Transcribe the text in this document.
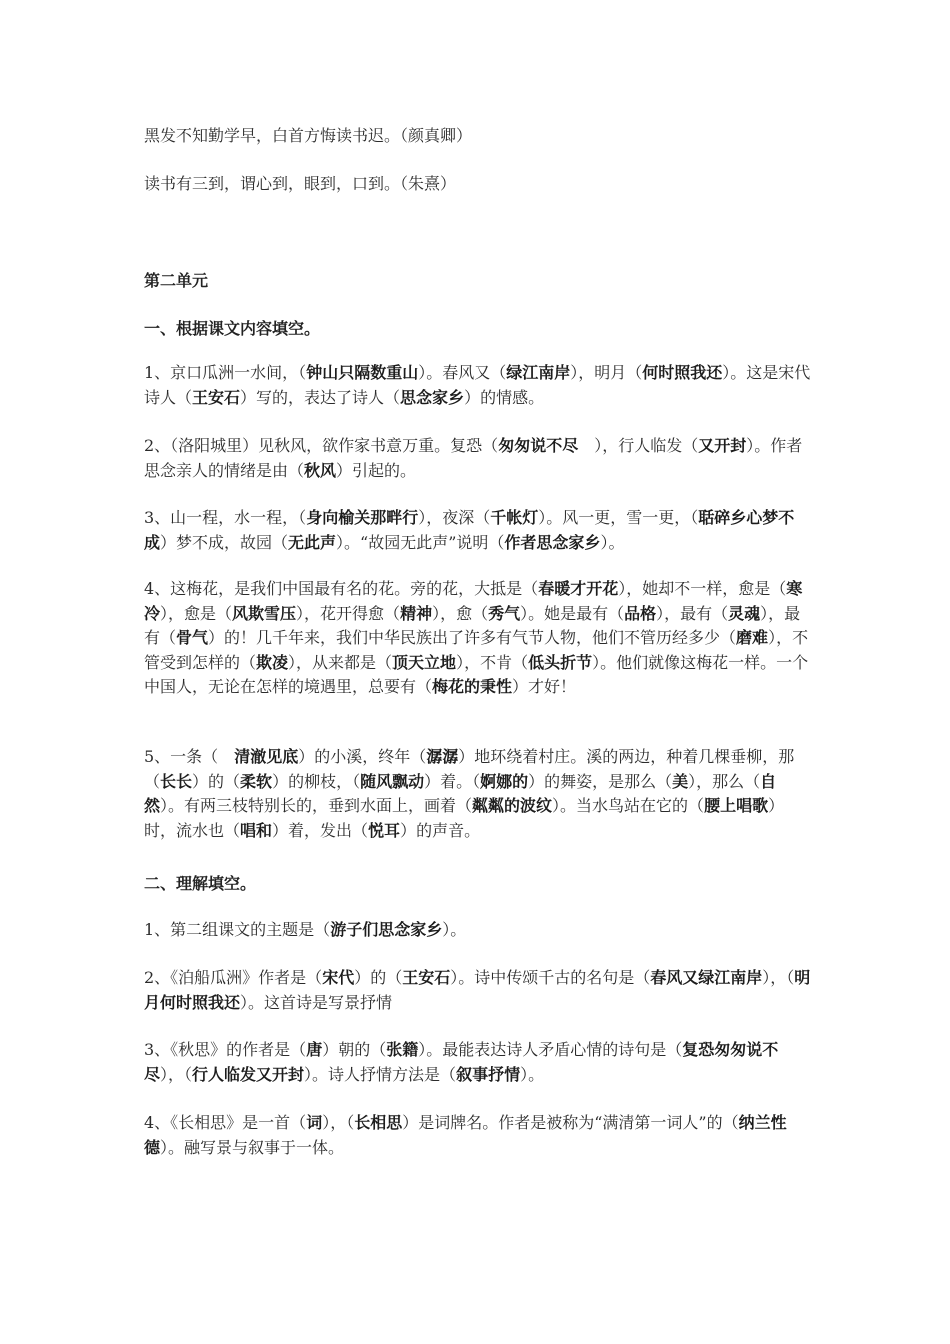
黑发不知勤学早，白首方悔读书迟。（颜真卿）
读书有三到，谓心到，眼到，口到。（朱熹）
第二单元
一、根据课文内容填空。
1、京口瓜洲一水间，（钟山只隔数重山）。春风又（绿江南岸），明月（何时照我还）。这是宋代诗人（王安石）写的，表达了诗人（思念家乡）的情感。
2、（洛阳城里）见秋风，欲作家书意万重。复恐（匆匆说不尽　），行人临发（又开封）。作者思念亲人的情绪是由（秋风）引起的。
3、山一程，水一程，（身向榆关那畔行），夜深（千帐灯）。风一更，雪一更，（聒碎乡心梦不成）梦不成，故园（无此声）。“故园无此声”说明（作者思念家乡）。
4、这梅花，是我们中国最有名的花。旁的花，大抵是（春暖才开花），她却不一样，愈是（寒冷），愈是（风欺雪压），花开得愈（精神），愈（秀气）。她是最有（品格），最有（灵魂），最有（骨气）的！几千年来，我们中华民族出了许多有气节人物，他们不管历经多少（磨难），不管受到怎样的（欺凌），从来都是（顶天立地），不肯（低头折节）。他们就像这梅花一样。一个中国人，无论在怎样的境遇里，总要有（梅花的秉性）才好！
5、一条（　清澈见底）的小溪，终年（潺潺）地环绕着村庄。溪的两边，种着几棵垂柳，那（长长）的（柔软）的柳枝，（随风飘动）着。（婀娜的）的舞姿，是那么（美），那么（自然）。有两三枝特别长的，垂到水面上，画着（粼粼的波纹）。当水鸟站在它的（腰上唱歌）时，流水也（唱和）着，发出（悦耳）的声音。
二、理解填空。
1、第二组课文的主题是（游子们思念家乡）。
2、《泊船瓜洲》作者是（宋代）的（王安石）。诗中传颂千古的名句是（春风又绿江南岸），（明月何时照我还）。这首诗是写景抒情
3、《秋思》的作者是（唐）朝的（张籍）。最能表达诗人矛盾心情的诗句是（复恐匆匆说不尽），（行人临发又开封）。诗人抒情方法是（叙事抒情）。
4、《长相思》是一首（词），（长相思）是词牌名。作者是被称为“满清第一词人”的（纳兰性德）。融写景与叙事于一体。
